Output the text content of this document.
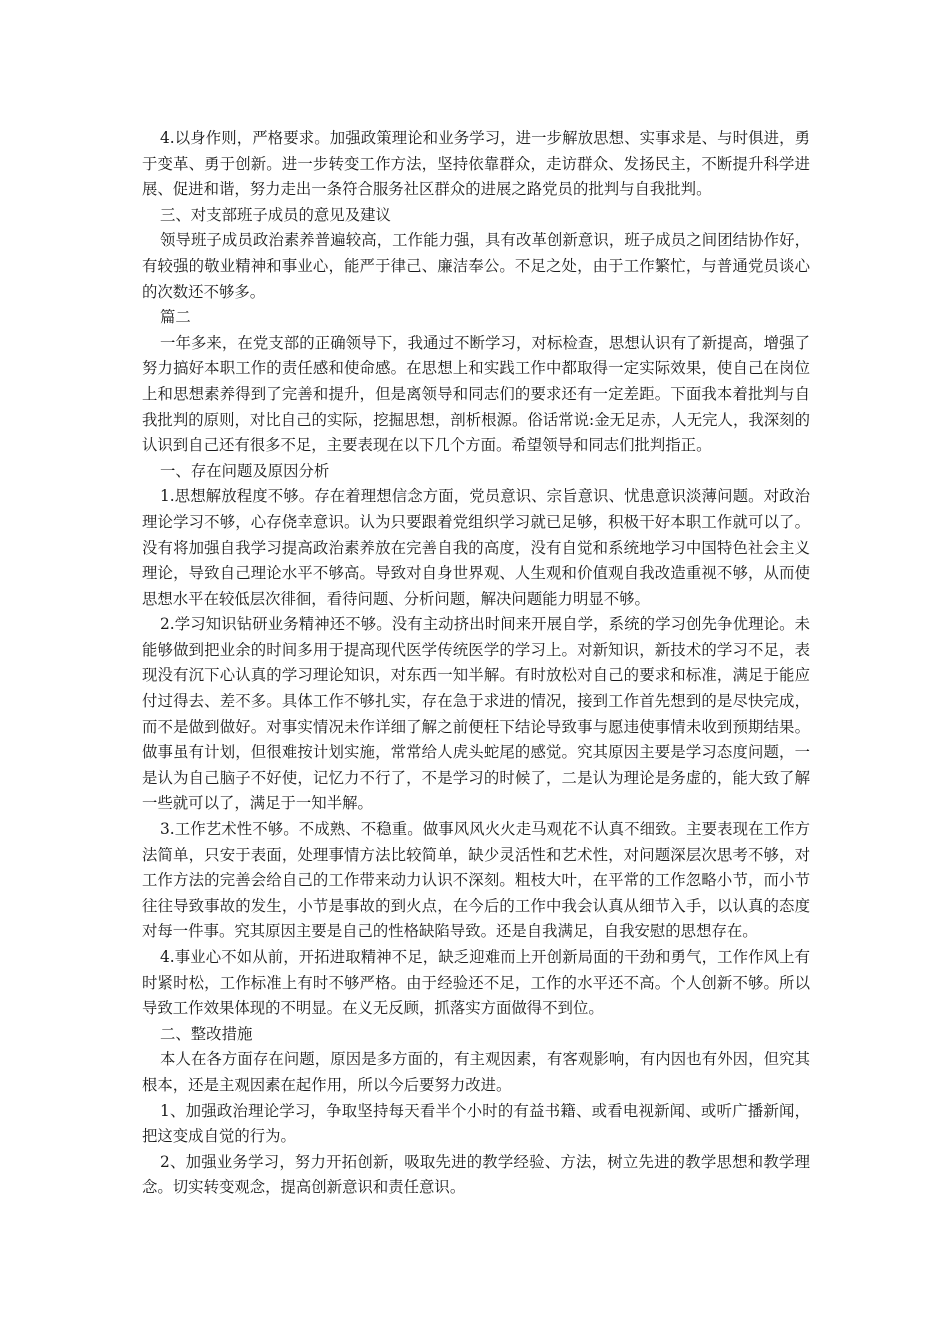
4.以身作则，严格要求。加强政策理论和业务学习，进一步解放思想、实事求是、与时俱进，勇于变革、勇于创新。进一步转变工作方法，坚持依靠群众，走访群众、发扬民主，不断提升科学进展、促进和谐，努力走出一条符合服务社区群众的进展之路党员的批判与自我批判。

三、对支部班子成员的意见及建议

领导班子成员政治素养普遍较高，工作能力强，具有改革创新意识，班子成员之间团结协作好，有较强的敬业精神和事业心，能严于律己、廉洁奉公。不足之处，由于工作繁忙，与普通党员谈心的次数还不够多。

篇二

一年多来，在党支部的正确领导下，我通过不断学习，对标检查，思想认识有了新提高，增强了努力搞好本职工作的责任感和使命感。在思想上和实践工作中都取得一定实际效果，使自己在岗位上和思想素养得到了完善和提升，但是离领导和同志们的要求还有一定差距。下面我本着批判与自我批判的原则，对比自己的实际，挖掘思想，剖析根源。俗话常说:金无足赤，人无完人，我深刻的认识到自己还有很多不足，主要表现在以下几个方面。希望领导和同志们批判指正。

一、存在问题及原因分析

1.思想解放程度不够。存在着理想信念方面，党员意识、宗旨意识、忧患意识淡薄问题。对政治理论学习不够，心存侥幸意识。认为只要跟着党组织学习就已足够，积极干好本职工作就可以了。没有将加强自我学习提高政治素养放在完善自我的高度，没有自觉和系统地学习中国特色社会主义理论，导致自己理论水平不够高。导致对自身世界观、人生观和价值观自我改造重视不够，从而使思想水平在较低层次徘徊，看待问题、分析问题，解决问题能力明显不够。

2.学习知识钻研业务精神还不够。没有主动挤出时间来开展自学，系统的学习创先争优理论。未能够做到把业余的时间多用于提高现代医学传统医学的学习上。对新知识，新技术的学习不足，表现没有沉下心认真的学习理论知识，对东西一知半解。有时放松对自己的要求和标准，满足于能应付过得去、差不多。具体工作不够扎实，存在急于求进的情况，接到工作首先想到的是尽快完成，而不是做到做好。对事实情况未作详细了解之前便枉下结论导致事与愿违使事情未收到预期结果。做事虽有计划，但很难按计划实施，常常给人虎头蛇尾的感觉。究其原因主要是学习态度问题，一是认为自己脑子不好使，记忆力不行了，不是学习的时候了，二是认为理论是务虚的，能大致了解一些就可以了，满足于一知半解。

3.工作艺术性不够。不成熟、不稳重。做事风风火火走马观花不认真不细致。主要表现在工作方法简单，只安于表面，处理事情方法比较简单，缺少灵活性和艺术性，对问题深层次思考不够，对工作方法的完善会给自己的工作带来动力认识不深刻。粗枝大叶，在平常的工作忽略小节，而小节往往导致事故的发生，小节是事故的到火点，在今后的工作中我会认真从细节入手，以认真的态度对每一件事。究其原因主要是自己的性格缺陷导致。还是自我满足，自我安慰的思想存在。

4.事业心不如从前，开拓进取精神不足，缺乏迎难而上开创新局面的干劲和勇气，工作作风上有时紧时松，工作标准上有时不够严格。由于经验还不足，工作的水平还不高。个人创新不够。所以导致工作效果体现的不明显。在义无反顾，抓落实方面做得不到位。

二、整改措施

本人在各方面存在问题，原因是多方面的，有主观因素，有客观影响，有内因也有外因，但究其根本，还是主观因素在起作用，所以今后要努力改进。

1、加强政治理论学习，争取坚持每天看半个小时的有益书籍、或看电视新闻、或听广播新闻，把这变成自觉的行为。

2、加强业务学习，努力开拓创新，吸取先进的教学经验、方法，树立先进的教学思想和教学理念。切实转变观念，提高创新意识和责任意识。
